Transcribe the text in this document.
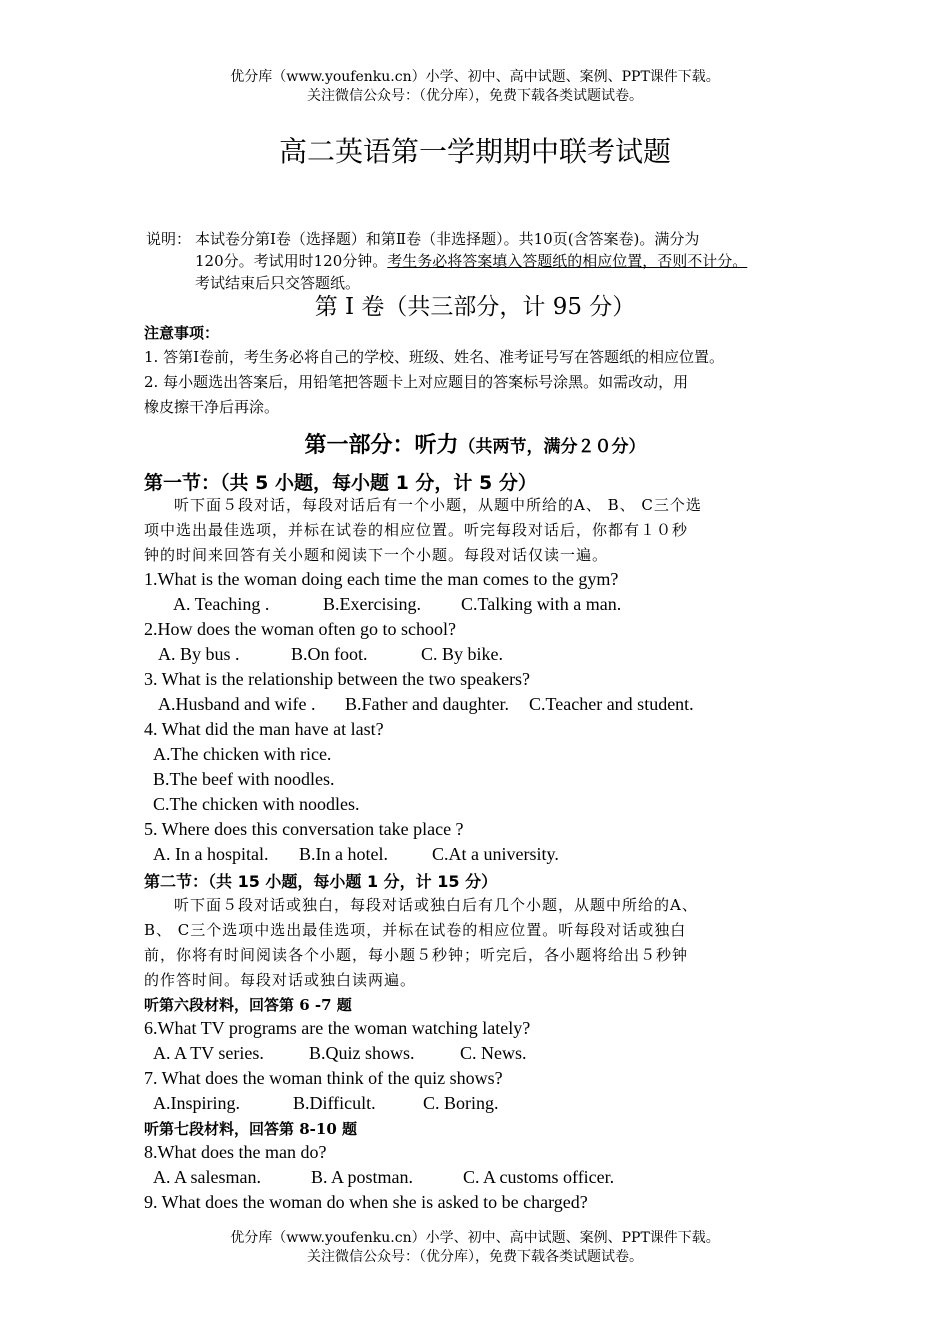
优分库（www.youfenku.cn）小学、初中、高中试题、案例、PPT课件下载。
关注微信公众号：（优分库），免费下载各类试题试卷。
高二英语第一学期期中联考试题
说明： 本试卷分第Ⅰ卷（选择题）和第Ⅱ卷（非选择题）。共10页(含答案卷)。满分为
120分。考试用时120分钟。考生务必将答案填入答题纸的相应位置，否则不计分。
考试结束后只交答题纸。
第 I 卷（共三部分，计 95 分）
注意事项：
1. 答第Ⅰ卷前，考生务必将自己的学校、班级、姓名、准考证号写在答题纸的相应位置。
2. 每小题选出答案后，用铅笔把答题卡上对应题目的答案标号涂黑。如需改动，用
橡皮擦干净后再涂。
第一部分：听力（共两节，满分２０分）
第一节：（共 5 小题，每小题 1 分，计 5 分）
听下面５段对话，每段对话后有一个小题，从题中所给的A、 B、 C三个选
项中选出最佳选项，并标在试卷的相应位置。听完每段对话后，你都有１０秒
钟的时间来回答有关小题和阅读下一个小题。每段对话仅读一遍。
1.What is the woman doing each time the man comes to the gym?
A. Teaching .	B.Exercising. C.Talking with a man.
2.How does the woman often go to school?
A. By bus .	B.On foot.	C. By bike.
3. What is the relationship between the two speakers?
A.Husband and wife . B.Father and daughter. C.Teacher and student.
4. What did the man have at last?
A.The chicken with rice.
B.The beef with noodles.
C.The chicken with noodles.
5. Where does this conversation take place ?
A. In a hospital. B.In a hotel. C.At a university.
第二节：（共 15 小题，每小题 1 分，计 15 分）
听下面５段对话或独白，每段对话或独白后有几个小题，从题中所给的A、
B、 C三个选项中选出最佳选项，并标在试卷的相应位置。听每段对话或独白
前，你将有时间阅读各个小题，每小题５秒钟；听完后，各小题将给出５秒钟
的作答时间。每段对话或独白读两遍。
听第六段材料，回答第 6 -7 题
6.What TV programs are the woman watching lately?
A. A TV series.	B.Quiz shows.	C. News.
7. What does the woman think of the quiz shows?
A.Inspiring.	B.Difficult.	C. Boring.
听第七段材料，回答第 8-10 题
8.What does the man do?
A. A salesman.	B. A postman.	C. A customs officer.
9. What does the woman do when she is asked to be charged?
优分库（www.youfenku.cn）小学、初中、高中试题、案例、PPT课件下载。
关注微信公众号：（优分库），免费下载各类试题试卷。
